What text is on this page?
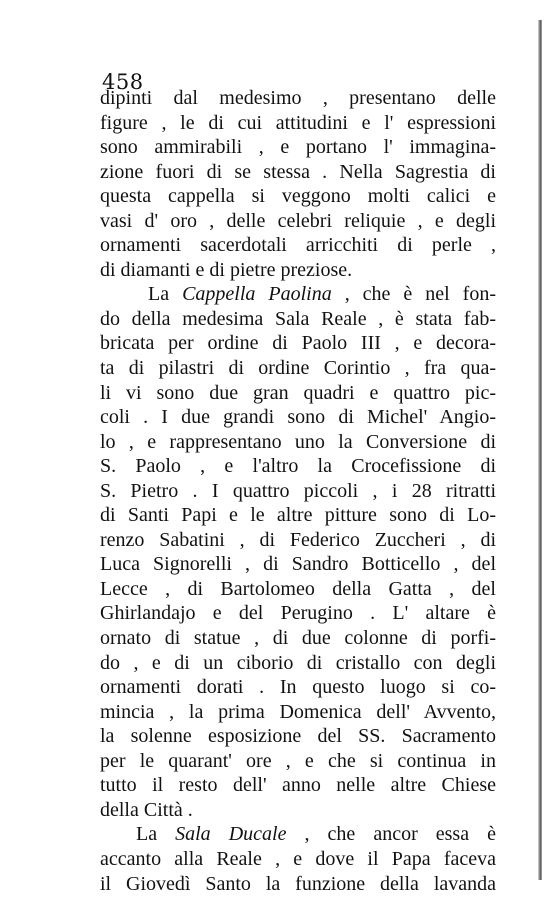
458
dipinti dal medesimo , presentano delle
figure , le di cui attitudini e l' espressioni
sono ammirabili , e portano l' immagina-
zione fuori di se stessa . Nella Sagrestia di
questa cappella si veggono molti calici e
vasi d' oro , delle celebri reliquie , e degli
ornamenti sacerdotali arricchiti di perle ,
di diamanti e di pietre preziose.
La Cappella Paolina , che è nel fon-
do della medesima Sala Reale , è stata fab-
bricata per ordine di Paolo III , e decora-
ta di pilastri di ordine Corintio , fra qua-
li vi sono due gran quadri e quattro pic-
coli . I due grandi sono di Michel' Angio-
lo , e rappresentano uno la Conversione di
S. Paolo , e l'altro la Crocefissione di
S. Pietro . I quattro piccoli , i 28 ritratti
di Santi Papi e le altre pitture sono di Lo-
renzo Sabatini , di Federico Zuccheri , di
Luca Signorelli , di Sandro Botticello , del
Lecce , di Bartolomeo della Gatta , del
Ghirlandajo e del Perugino . L' altare è
ornato di statue , di due colonne di porfi-
do , e di un ciborio di cristallo con degli
ornamenti dorati . In questo luogo si co-
mincia , la prima Domenica dell' Avvento,
la solenne esposizione del SS. Sacramento
per le quarant' ore , e che si continua in
tutto il resto dell' anno nelle altre Chiese
della Città .
La Sala Ducale , che ancor essa è
accanto alla Reale , e dove il Papa faceva
il Giovedì Santo la funzione della lavanda
